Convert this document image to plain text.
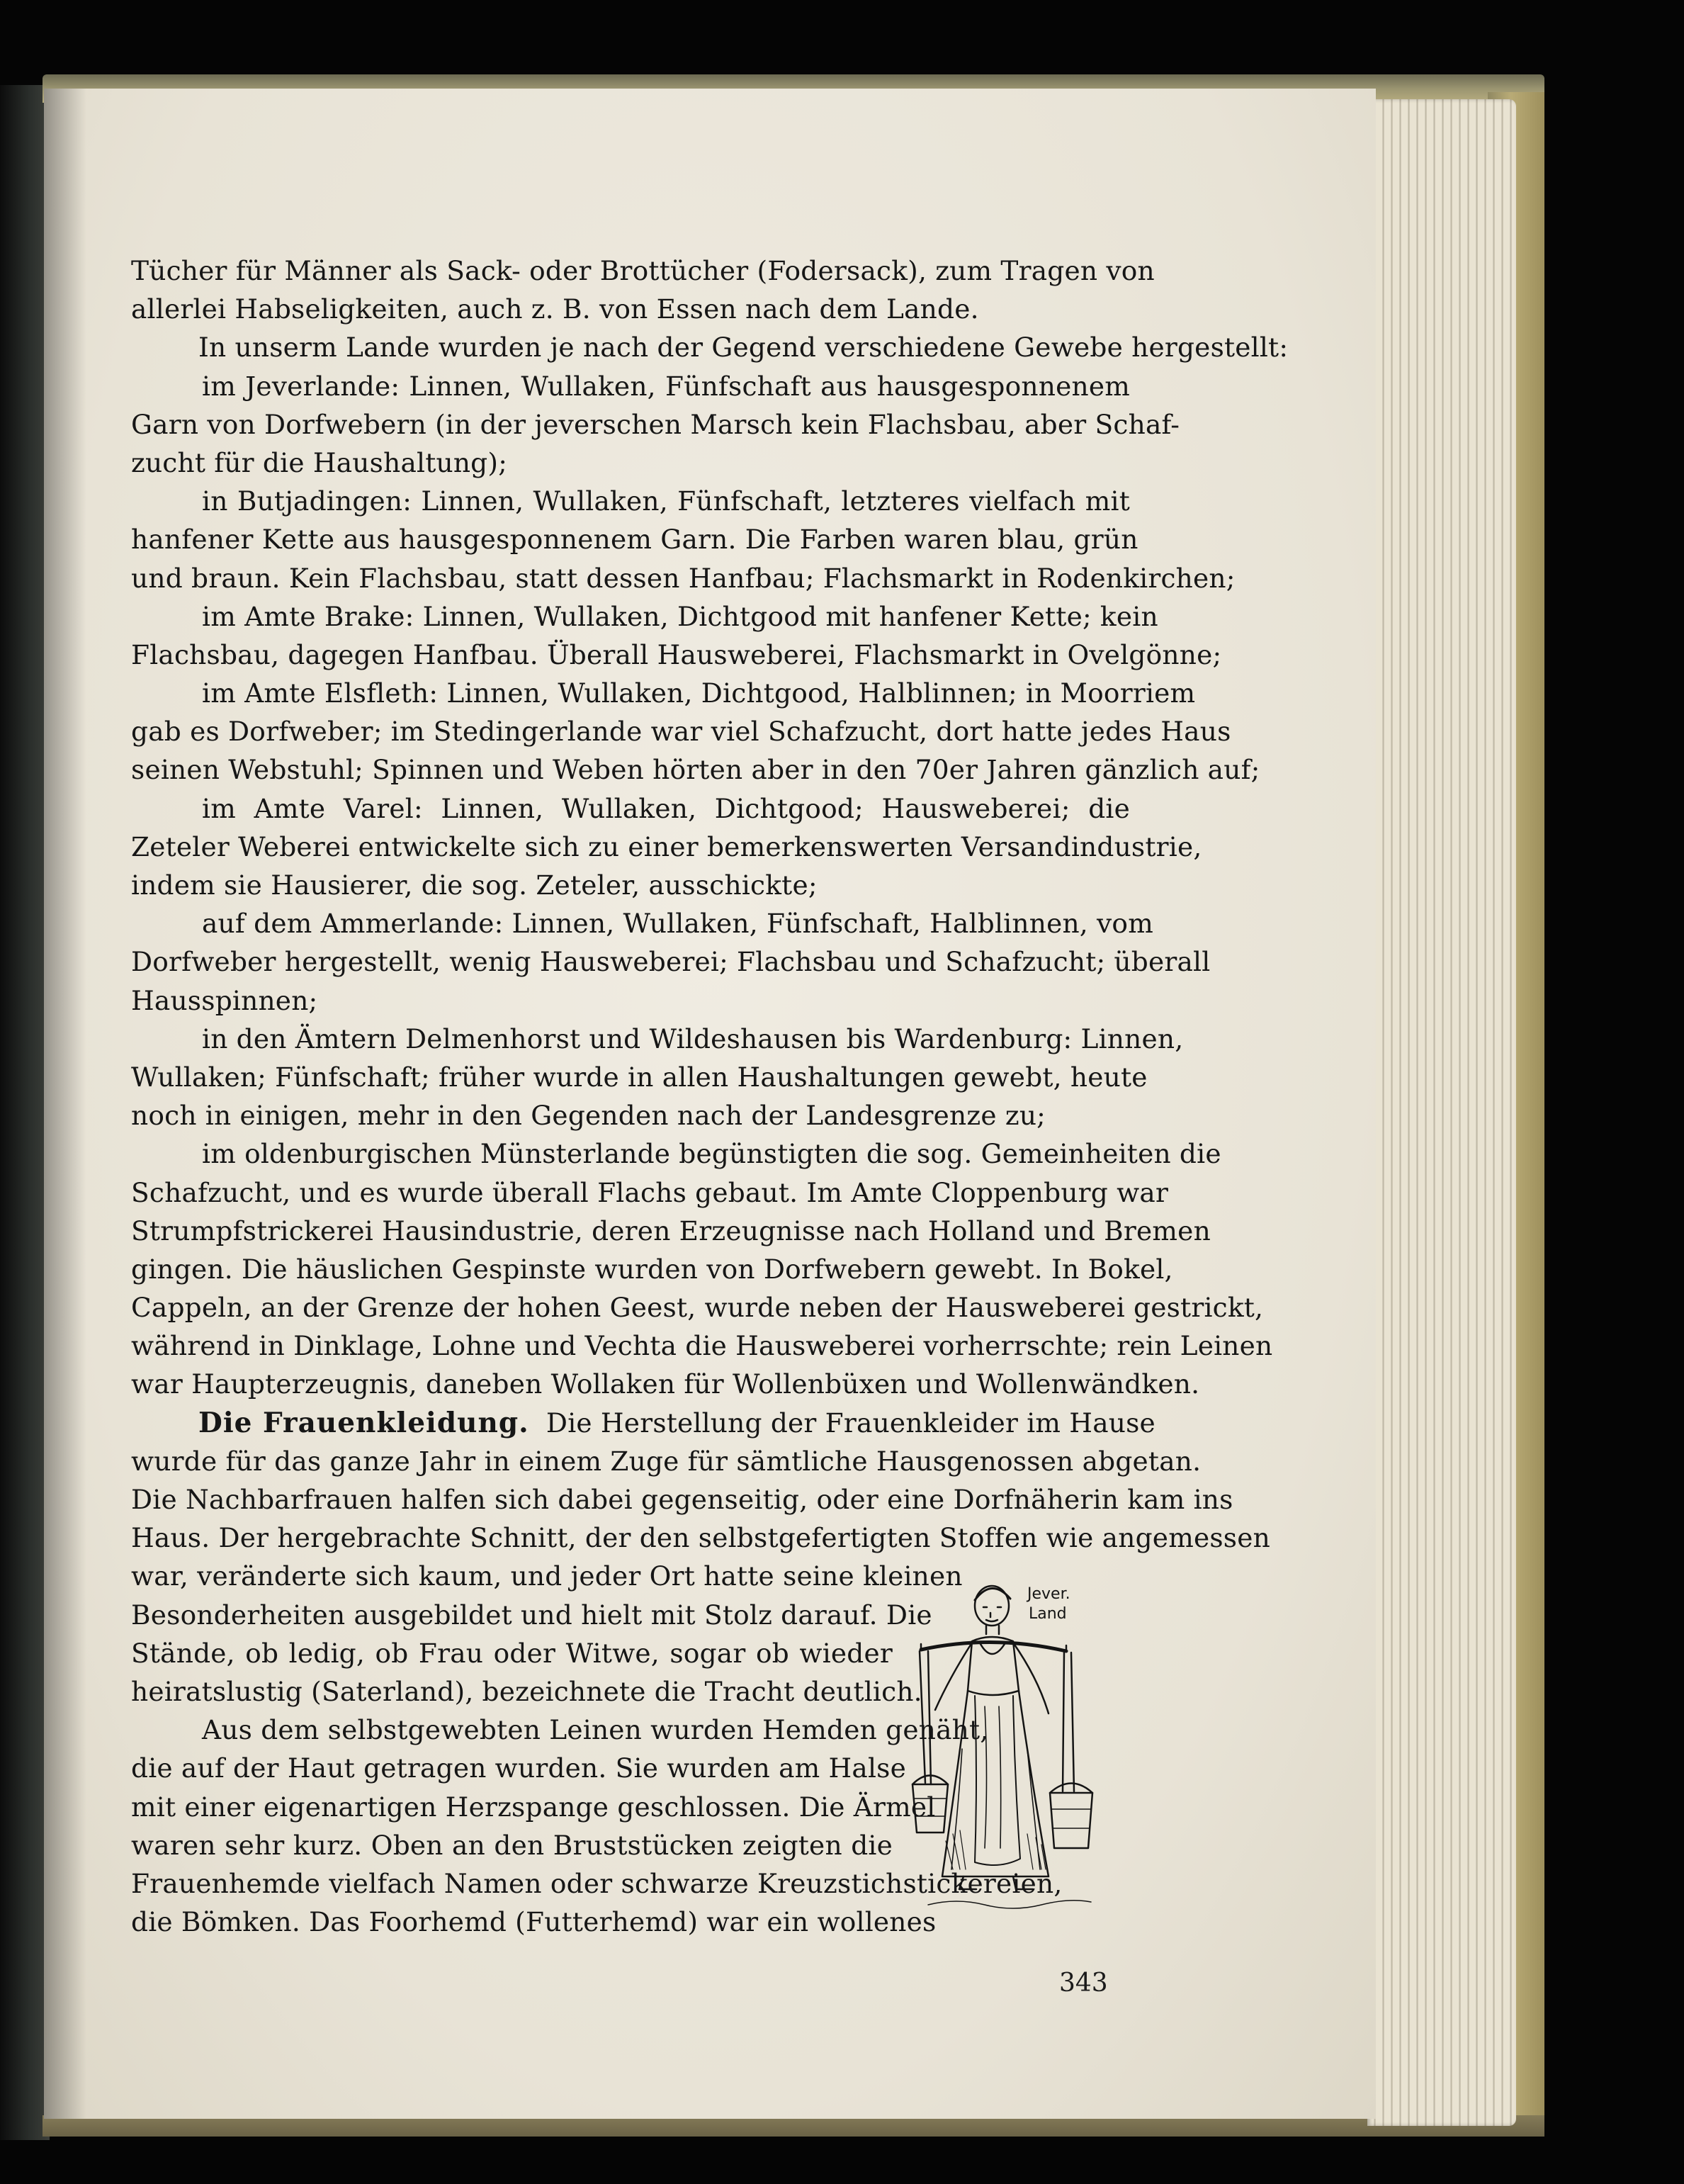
Tücher für Männer als Sack- oder Brottücher (Fodersack), zum Tragen von
allerlei Habseligkeiten, auch z. B. von Essen nach dem Lande.
In unserm Lande wurden je nach der Gegend verschiedene Gewebe hergestellt:
im Jeverlande: Linnen, Wullaken, Fünfschaft aus hausgesponnenem
Garn von Dorfwebern (in der jeverschen Marsch kein Flachsbau, aber Schaf-
zucht für die Haushaltung);
in Butjadingen: Linnen, Wullaken, Fünfschaft, letzteres vielfach mit
hanfener Kette aus hausgesponnenem Garn. Die Farben waren blau, grün
und braun. Kein Flachsbau, statt dessen Hanfbau; Flachsmarkt in Rodenkirchen;
im Amte Brake: Linnen, Wullaken, Dichtgood mit hanfener Kette; kein
Flachsbau, dagegen Hanfbau. Überall Hausweberei, Flachsmarkt in Ovelgönne;
im Amte Elsfleth: Linnen, Wullaken, Dichtgood, Halblinnen; in Moorriem
gab es Dorfweber; im Stedingerlande war viel Schafzucht, dort hatte jedes Haus
seinen Webstuhl; Spinnen und Weben hörten aber in den 70er Jahren gänzlich auf;
im Amte Varel: Linnen, Wullaken, Dichtgood; Hausweberei; die
Zeteler Weberei entwickelte sich zu einer bemerkenswerten Versandindustrie,
indem sie Hausierer, die sog. Zeteler, ausschickte;
auf dem Ammerlande: Linnen, Wullaken, Fünfschaft, Halblinnen, vom
Dorfweber hergestellt, wenig Hausweberei; Flachsbau und Schafzucht; überall
Hausspinnen;
in den Ämtern Delmenhorst und Wildeshausen bis Wardenburg: Linnen,
Wullaken; Fünfschaft; früher wurde in allen Haushaltungen gewebt, heute
noch in einigen, mehr in den Gegenden nach der Landesgrenze zu;
im oldenburgischen Münsterlande begünstigten die sog. Gemeinheiten die
Schafzucht, und es wurde überall Flachs gebaut. Im Amte Cloppenburg war
Strumpfstrickerei Hausindustrie, deren Erzeugnisse nach Holland und Bremen
gingen. Die häuslichen Gespinste wurden von Dorfwebern gewebt. In Bokel,
Cappeln, an der Grenze der hohen Geest, wurde neben der Hausweberei gestrickt,
während in Dinklage, Lohne und Vechta die Hausweberei vorherrschte; rein Leinen
war Haupterzeugnis, daneben Wollaken für Wollenbüxen und Wollenwändken.
Die Frauenkleidung. Die Herstellung der Frauenkleider im Hause
wurde für das ganze Jahr in einem Zuge für sämtliche Hausgenossen abgetan.
Die Nachbarfrauen halfen sich dabei gegenseitig, oder eine Dorfnäherin kam ins
Haus. Der hergebrachte Schnitt, der den selbstgefertigten Stoffen wie angemessen
war, veränderte sich kaum, und jeder Ort hatte seine kleinen
Besonderheiten ausgebildet und hielt mit Stolz darauf. Die
Stände, ob ledig, ob Frau oder Witwe, sogar ob wieder
heiratslustig (Saterland), bezeichnete die Tracht deutlich.
Aus dem selbstgewebten Leinen wurden Hemden genäht,
die auf der Haut getragen wurden. Sie wurden am Halse
mit einer eigenartigen Herzspange geschlossen. Die Ärmel
waren sehr kurz. Oben an den Bruststücken zeigten die
Frauenhemde vielfach Namen oder schwarze Kreuzstichstickereien,
die Bömken. Das Foorhemd (Futterhemd) war ein wollenes
Jever.
Land
343
